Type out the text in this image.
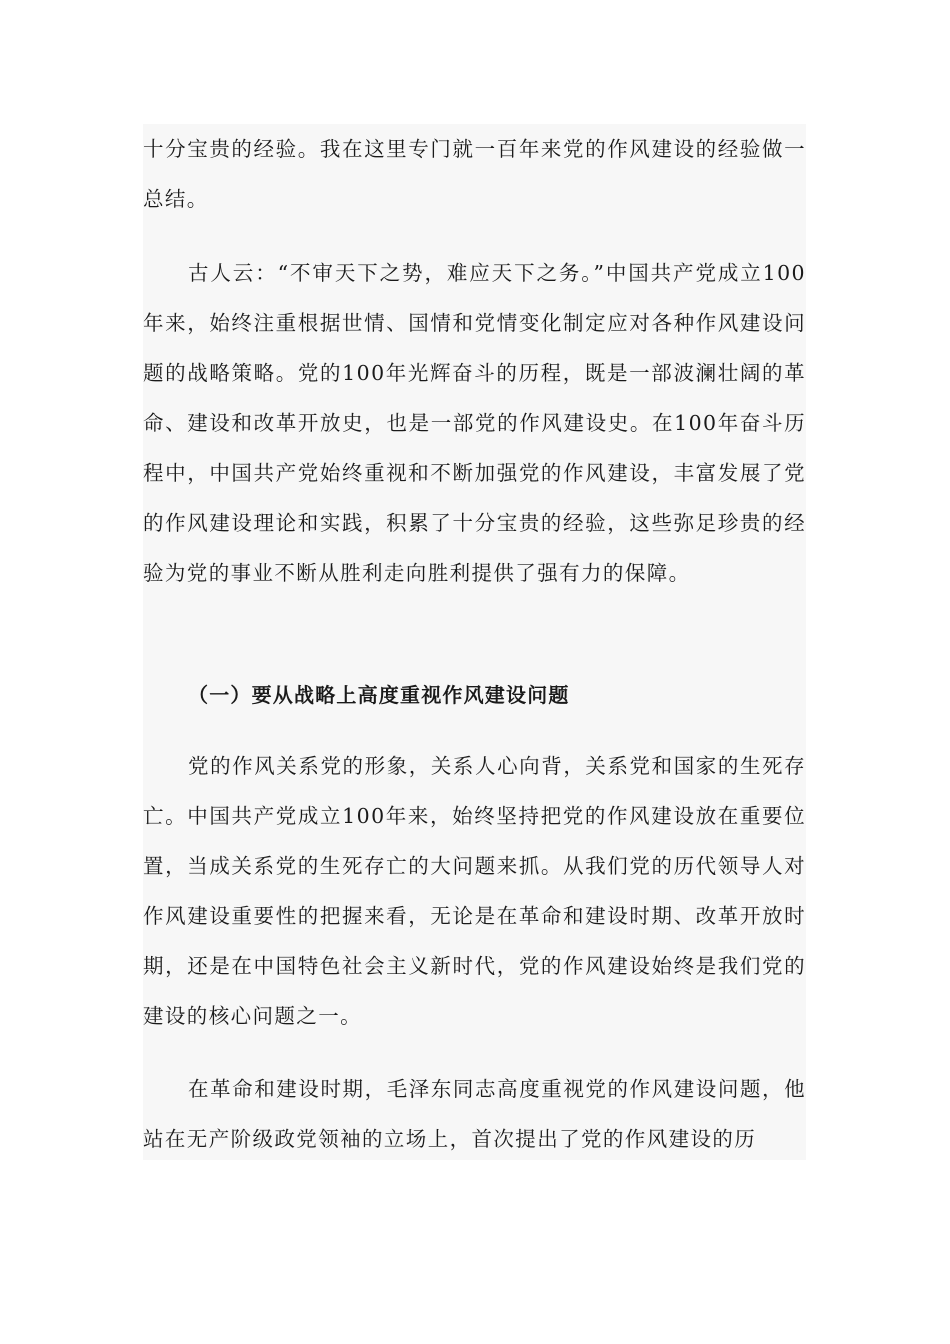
十分宝贵的经验。我在这里专门就一百年来党的作风建设的经验做一总结。

古人云：“不审天下之势，难应天下之务。”中国共产党成立100年来，始终注重根据世情、国情和党情变化制定应对各种作风建设问题的战略策略。党的100年光辉奋斗的历程，既是一部波澜壮阔的革命、建设和改革开放史，也是一部党的作风建设史。在100年奋斗历程中，中国共产党始终重视和不断加强党的作风建设，丰富发展了党的作风建设理论和实践，积累了十分宝贵的经验，这些弥足珍贵的经验为党的事业不断从胜利走向胜利提供了强有力的保障。

（一）要从战略上高度重视作风建设问题

党的作风关系党的形象，关系人心向背，关系党和国家的生死存亡。中国共产党成立100年来，始终坚持把党的作风建设放在重要位置，当成关系党的生死存亡的大问题来抓。从我们党的历代领导人对作风建设重要性的把握来看，无论是在革命和建设时期、改革开放时期，还是在中国特色社会主义新时代，党的作风建设始终是我们党的建设的核心问题之一。

在革命和建设时期，毛泽东同志高度重视党的作风建设问题，他站在无产阶级政党领袖的立场上，首次提出了党的作风建设的历
